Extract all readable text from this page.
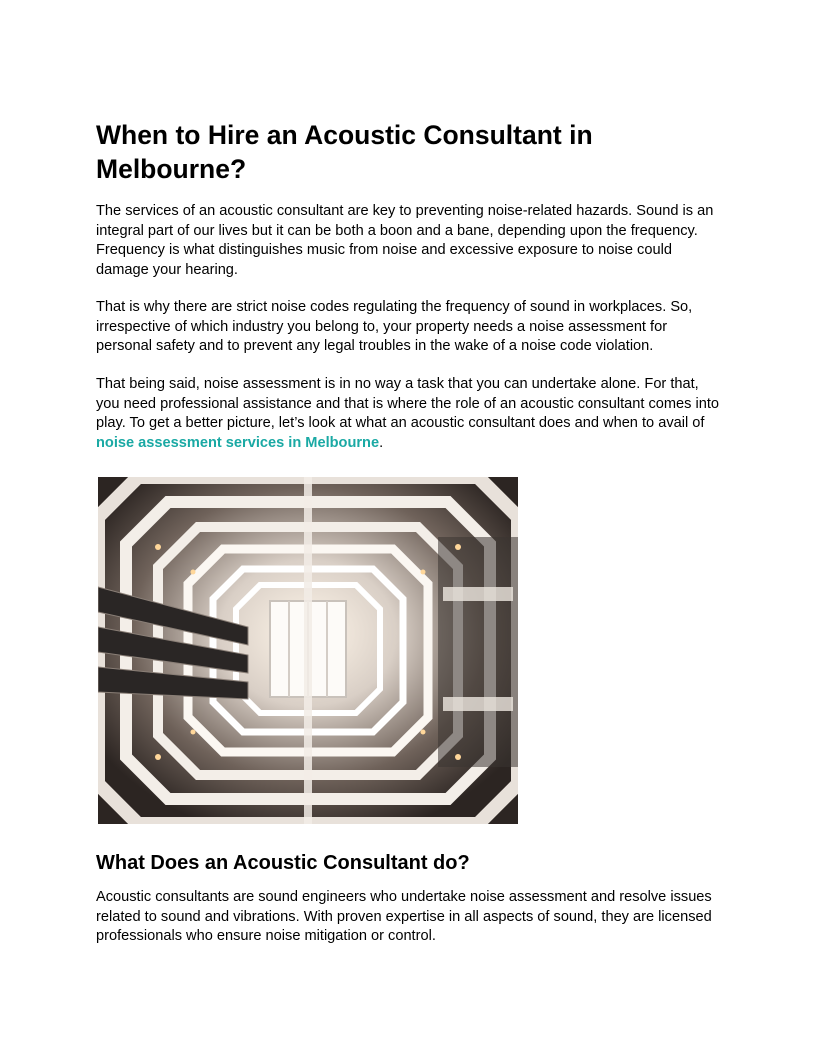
When to Hire an Acoustic Consultant in Melbourne?

The services of an acoustic consultant are key to preventing noise-related hazards. Sound is an integral part of our lives but it can be both a boon and a bane, depending upon the frequency. Frequency is what distinguishes music from noise and excessive exposure to noise could damage your hearing.

That is why there are strict noise codes regulating the frequency of sound in workplaces. So, irrespective of which industry you belong to, your property needs a noise assessment for personal safety and to prevent any legal troubles in the wake of a noise code violation.

That being said, noise assessment is in no way a task that you can undertake alone. For that, you need professional assistance and that is where the role of an acoustic consultant comes into play. To get a better picture, let’s look at what an acoustic consultant does and when to avail of noise assessment services in Melbourne.

What Does an Acoustic Consultant do?

Acoustic consultants are sound engineers who undertake noise assessment and resolve issues related to sound and vibrations. With proven expertise in all aspects of sound, they are licensed professionals who ensure noise mitigation or control.
